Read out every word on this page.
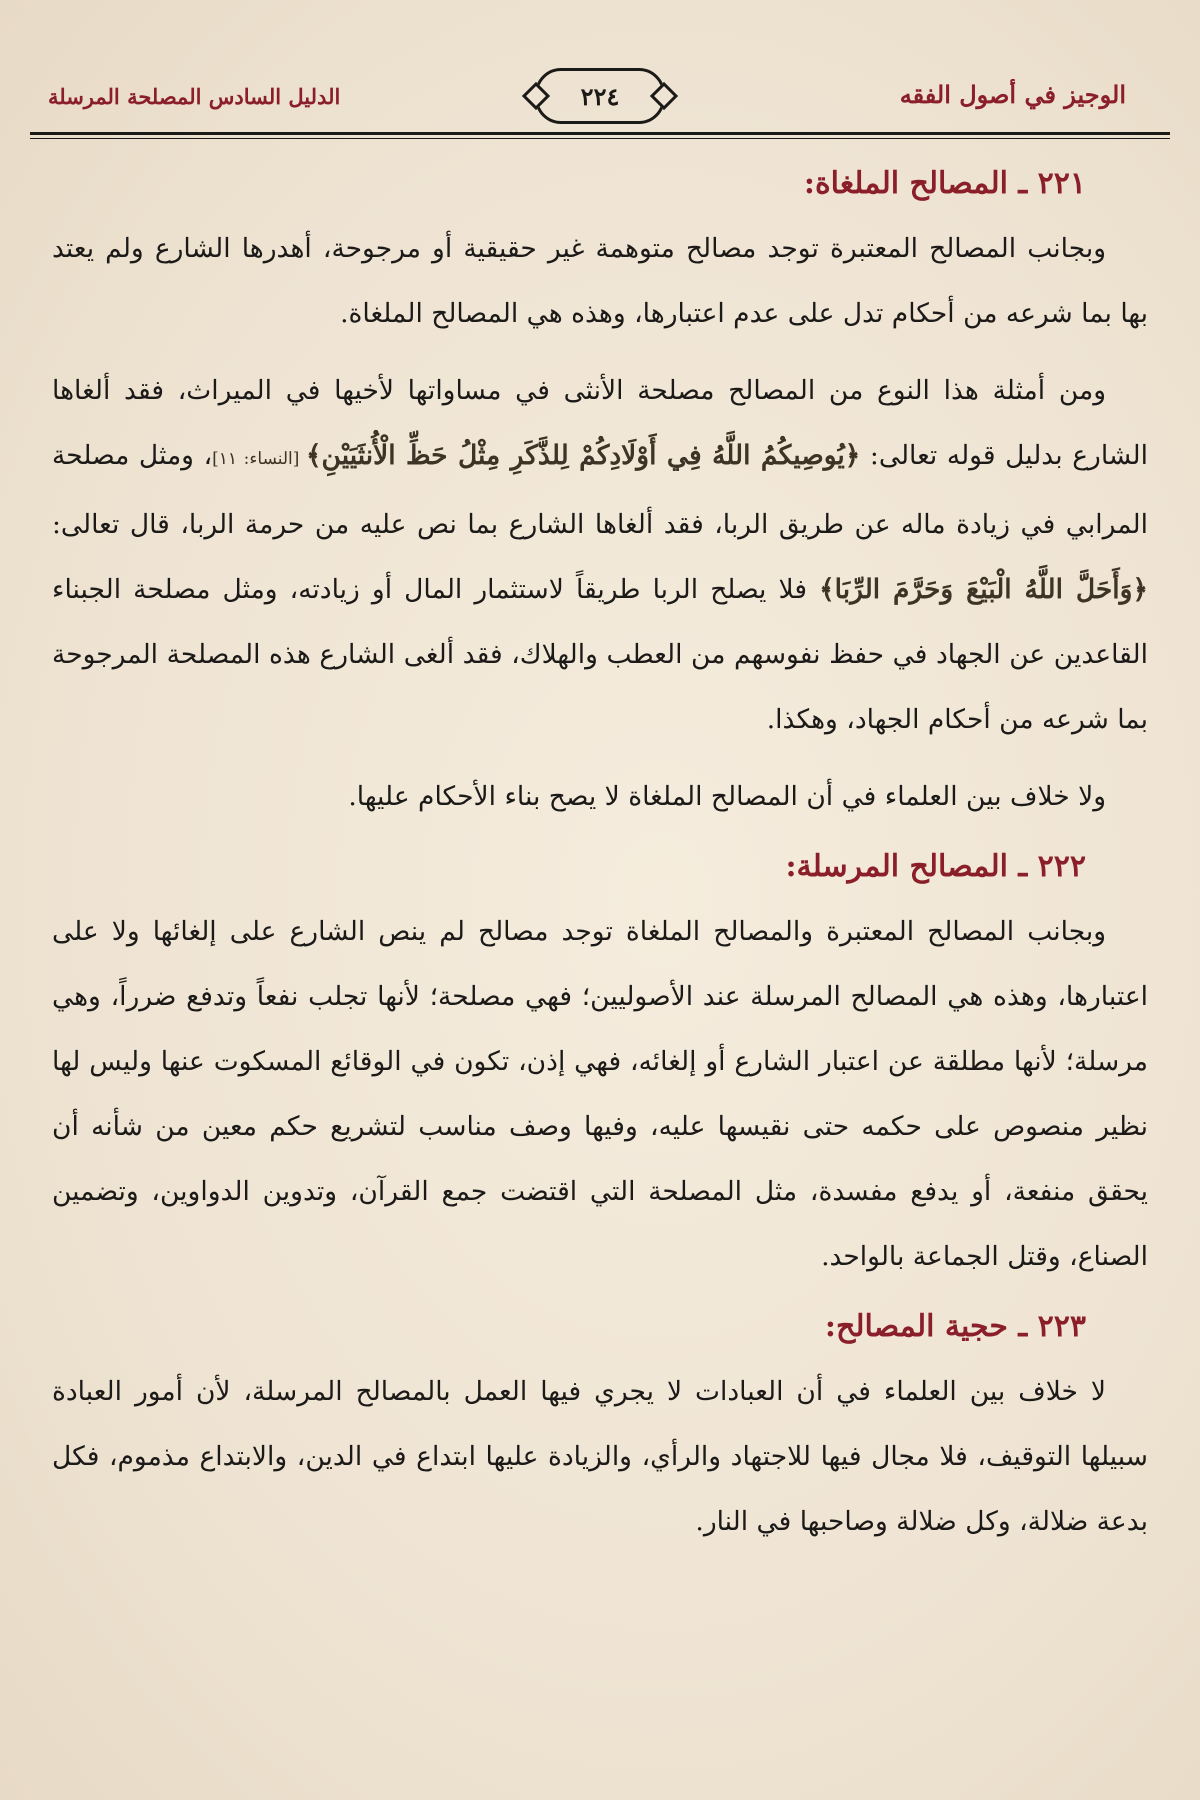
الوجيز في أصول الفقه
٢٢٤
الدليل السادس المصلحة المرسلة
٢٢١ ـ المصالح الملغاة:

وبجانب المصالح المعتبرة توجد مصالح متوهمة غير حقيقية أو مرجوحة، أهدرها الشارع ولم يعتد بها بما شرعه من أحكام تدل على عدم اعتبارها، وهذه هي المصالح الملغاة.

ومن أمثلة هذا النوع من المصالح مصلحة الأنثى في مساواتها لأخيها في الميراث، فقد ألغاها الشارع بدليل قوله تعالى: ﴿يُوصِيكُمُ اللَّهُ فِي أَوْلَادِكُمْ لِلذَّكَرِ مِثْلُ حَظِّ الْأُنثَيَيْنِ﴾ [النساء: ١١]، ومثل مصلحة المرابي في زيادة ماله عن طريق الربا، فقد ألغاها الشارع بما نص عليه من حرمة الربا، قال تعالى: ﴿وَأَحَلَّ اللَّهُ الْبَيْعَ وَحَرَّمَ الرِّبَا﴾ فلا يصلح الربا طريقاً لاستثمار المال أو زيادته، ومثل مصلحة الجبناء القاعدين عن الجهاد في حفظ نفوسهم من العطب والهلاك، فقد ألغى الشارع هذه المصلحة المرجوحة بما شرعه من أحكام الجهاد، وهكذا.

ولا خلاف بين العلماء في أن المصالح الملغاة لا يصح بناء الأحكام عليها.

٢٢٢ ـ المصالح المرسلة:

وبجانب المصالح المعتبرة والمصالح الملغاة توجد مصالح لم ينص الشارع على إلغائها ولا على اعتبارها، وهذه هي المصالح المرسلة عند الأصوليين؛ فهي مصلحة؛ لأنها تجلب نفعاً وتدفع ضرراً، وهي مرسلة؛ لأنها مطلقة عن اعتبار الشارع أو إلغائه، فهي إذن، تكون في الوقائع المسكوت عنها وليس لها نظير منصوص على حكمه حتى نقيسها عليه، وفيها وصف مناسب لتشريع حكم معين من شأنه أن يحقق منفعة، أو يدفع مفسدة، مثل المصلحة التي اقتضت جمع القرآن، وتدوين الدواوين، وتضمين الصناع، وقتل الجماعة بالواحد.

٢٢٣ ـ حجية المصالح:

لا خلاف بين العلماء في أن العبادات لا يجري فيها العمل بالمصالح المرسلة، لأن أمور العبادة سبيلها التوقيف، فلا مجال فيها للاجتهاد والرأي، والزيادة عليها ابتداع في الدين، والابتداع مذموم، فكل بدعة ضلالة، وكل ضلالة وصاحبها في النار.
